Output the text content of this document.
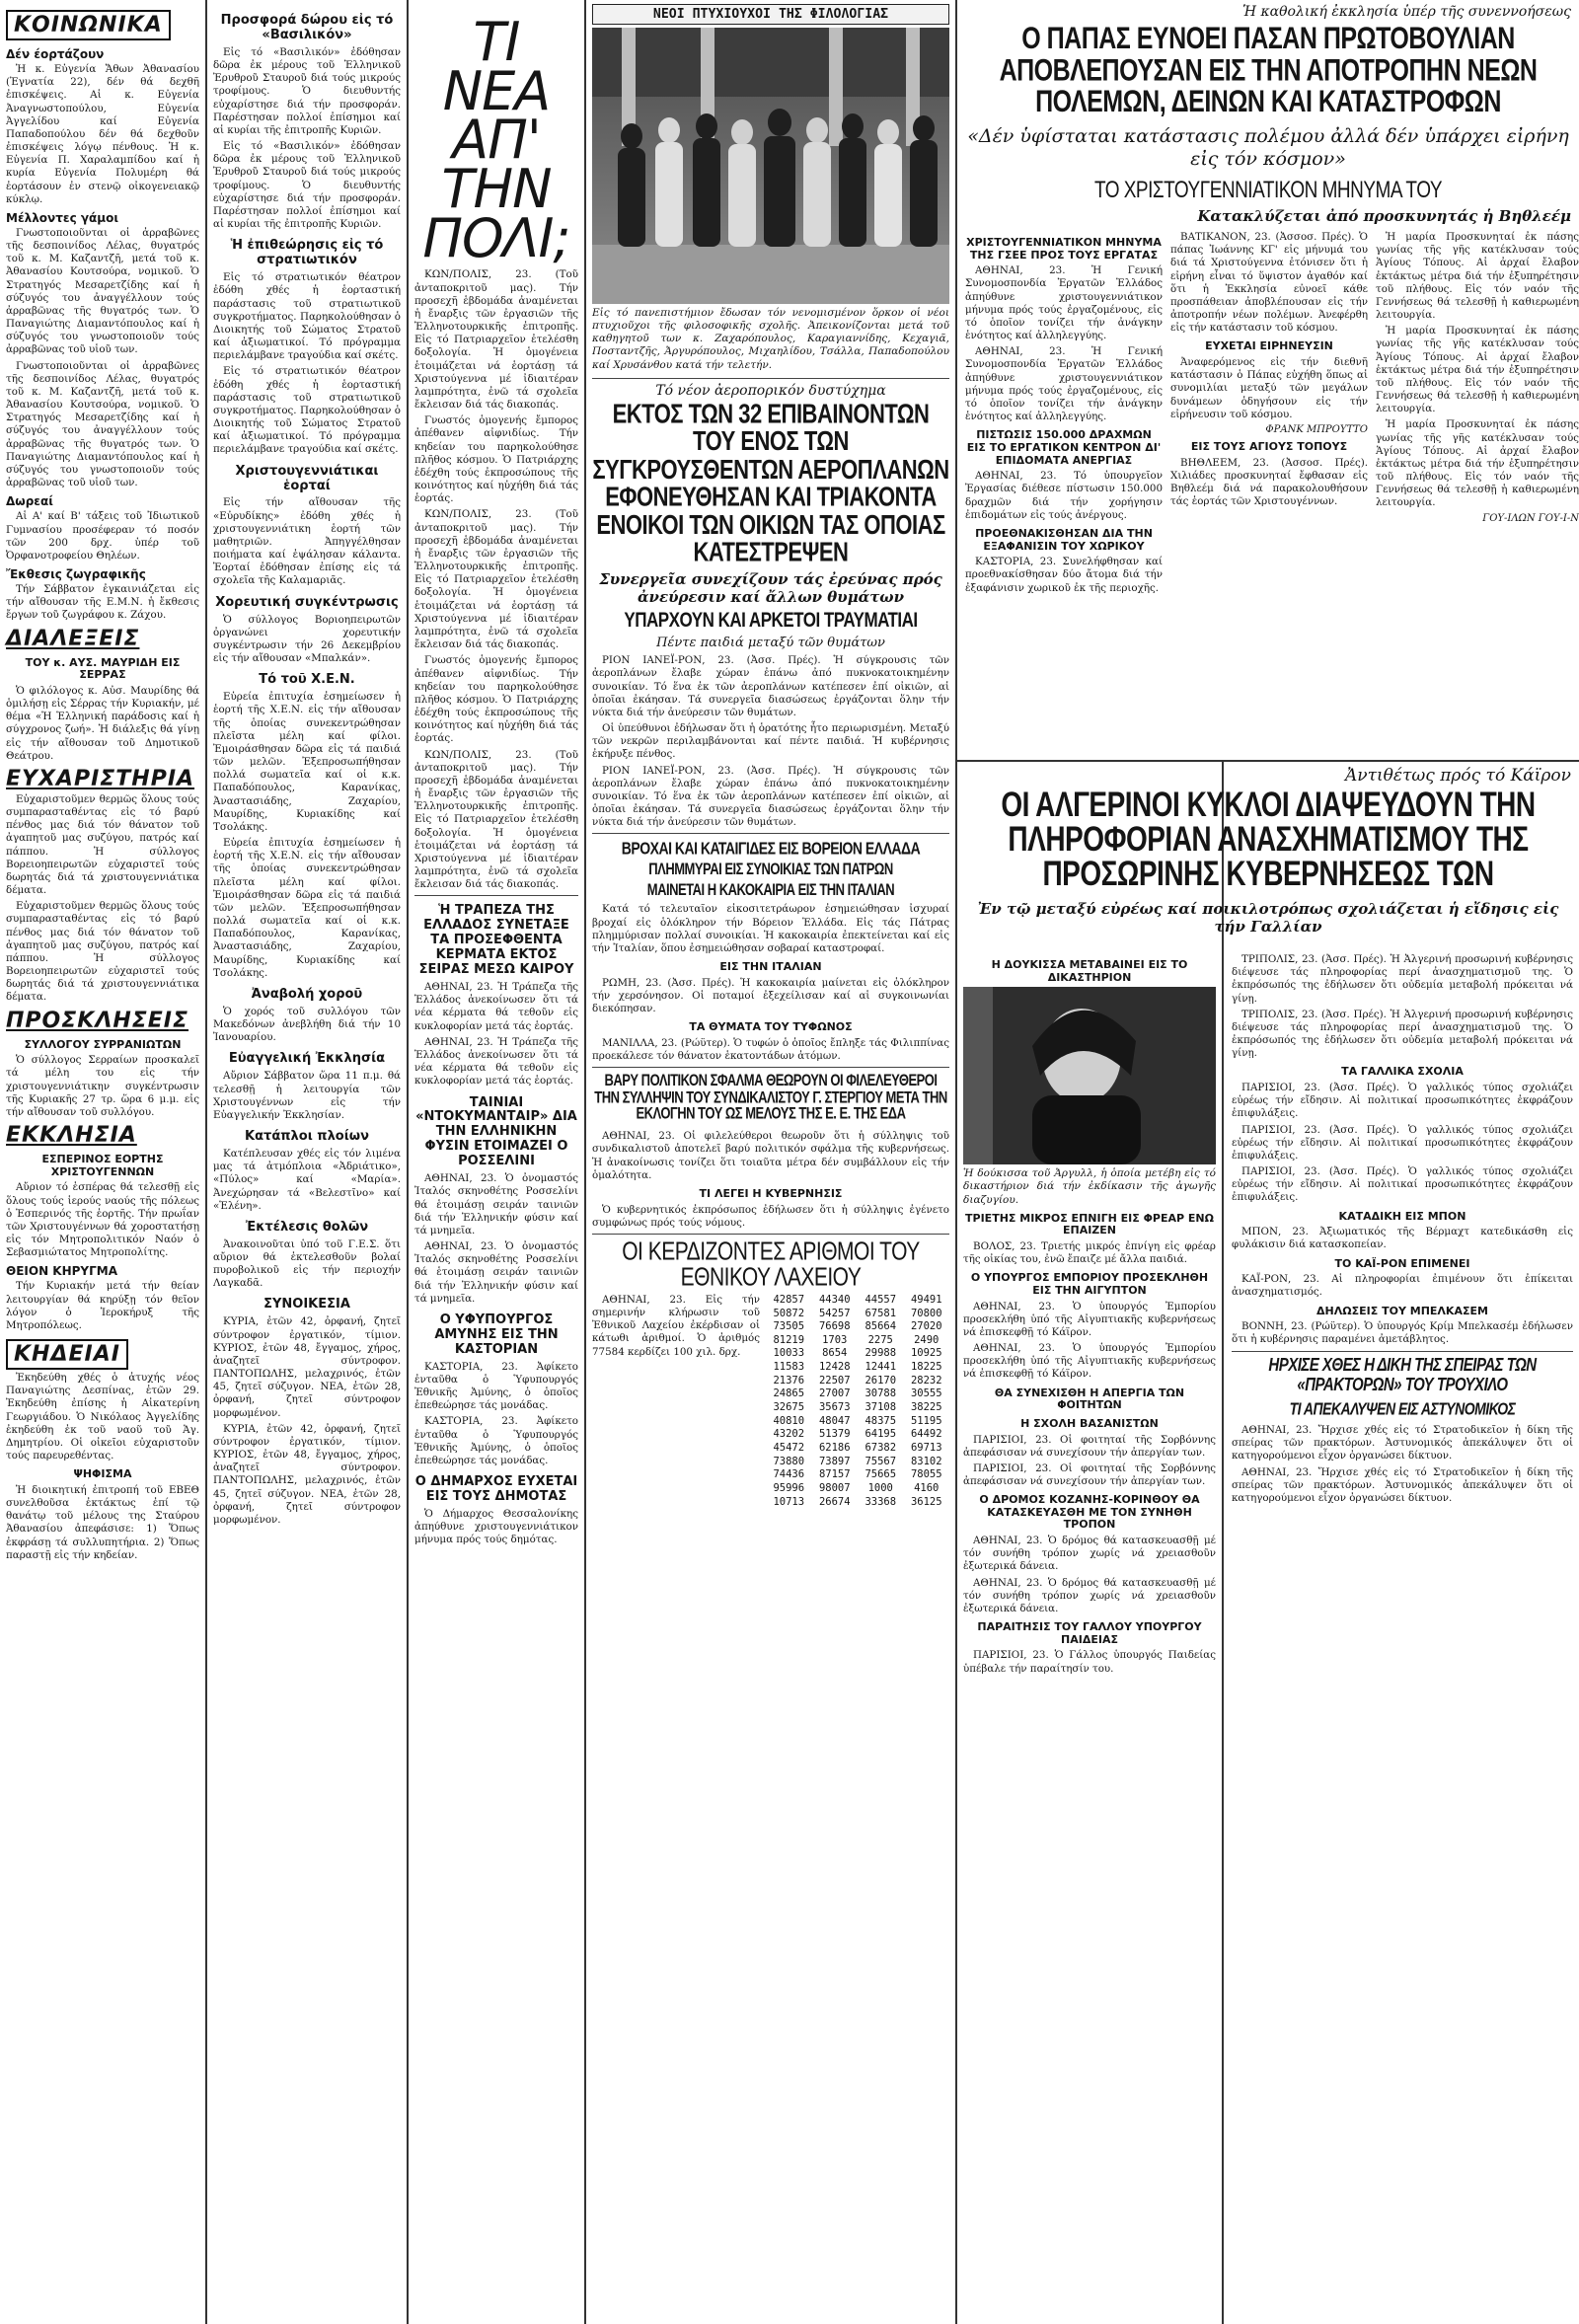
ΚΟΙΝΩΝΙΚΑ
Δέν έορτάζουν

Ἡ κ. Εὐγενία Ἄθων Ἀθανασίου (Ἐγνατία 22), δέν θά δεχθῆ ἐπισκέψεις. Αἱ κ. Εὐγενία Ἀναγνωστοπούλου, Εὐγενία Ἀγγελίδου καί Εὐγενία Παπαδοπούλου δέν θά δεχθοῦν ἐπισκέψεις λόγῳ πένθους. Ἡ κ. Εὐγενία Π. Χαραλαμπίδου καί ἡ κυρία Εὐγενία Πολυμέρη θά ἐορτάσουν ἐν στενῷ οἰκογενειακῷ κύκλῳ.

Μέλλοντες γάμοι

Γνωστοποιοῦνται οἱ ἀρραβῶνες τῆς δεσποινίδος Λέλας, θυγατρός τοῦ κ. Μ. Καζαντζῆ, μετά τοῦ κ. Ἀθανασίου Κουτσούρα, νομικοῦ. Ὁ Στρατηγός Μεσαρετζίδης καί ἡ σύζυγός του ἀναγγέλλουν τούς ἀρραβῶνας τῆς θυγατρός των. Ὁ Παναγιώτης Διαμαντόπουλος καί ἡ σύζυγός του γνωστοποιοῦν τούς ἀρραβῶνας τοῦ υἱοῦ των.

Γνωστοποιοῦνται οἱ ἀρραβῶνες τῆς δεσποινίδος Λέλας, θυγατρός τοῦ κ. Μ. Καζαντζῆ, μετά τοῦ κ. Ἀθανασίου Κουτσούρα, νομικοῦ. Ὁ Στρατηγός Μεσαρετζίδης καί ἡ σύζυγός του ἀναγγέλλουν τούς ἀρραβῶνας τῆς θυγατρός των. Ὁ Παναγιώτης Διαμαντόπουλος καί ἡ σύζυγός του γνωστοποιοῦν τούς ἀρραβῶνας τοῦ υἱοῦ των.

Δωρεαί

Αἱ Α' καί Β' τάξεις τοῦ Ἰδιωτικοῦ Γυμνασίου προσέφεραν τό ποσόν τῶν 200 δρχ. ὑπέρ τοῦ Ὀρφανοτροφείου Θηλέων.

Ἔκθεσις ζωγραφικῆς

Τήν Σάββατον ἐγκαινιάζεται εἰς τήν αἴθουσαν τῆς Ε.Μ.Ν. ἡ ἔκθεσις ἔργων τοῦ ζωγράφου κ. Ζάχου.

ΔΙΑΛΕΞΕΙΣ
ΤΟΥ κ. ΑΥΣ. ΜΑΥΡΙΔΗ ΕΙΣ ΣΕΡΡΑΣ

Ὁ φιλόλογος κ. Αὐσ. Μαυρίδης θά ὁμιλήσῃ εἰς Σέρρας τήν Κυριακήν, μέ θέμα «Ἡ Ἑλληνική παράδοσις καί ἡ σύγχρονος ζωή». Ἡ διάλεξις θά γίνῃ εἰς τήν αἴθουσαν τοῦ Δημοτικοῦ Θεάτρου.

ΕΥΧΑΡΙΣΤΗΡΙΑ

Εὐχαριστοῦμεν θερμῶς ὅλους τούς συμπαρασταθέντας εἰς τό βαρύ πένθος μας διά τόν θάνατον τοῦ ἀγαπητοῦ μας συζύγου, πατρός καί πάππου. Ἡ σύλλογος Βορειοηπειρωτῶν εὐχαριστεῖ τούς δωρητάς διά τά χριστουγεννιάτικα δέματα.

Εὐχαριστοῦμεν θερμῶς ὅλους τούς συμπαρασταθέντας εἰς τό βαρύ πένθος μας διά τόν θάνατον τοῦ ἀγαπητοῦ μας συζύγου, πατρός καί πάππου. Ἡ σύλλογος Βορειοηπειρωτῶν εὐχαριστεῖ τούς δωρητάς διά τά χριστουγεννιάτικα δέματα.

ΠΡΟΣΚΛΗΣΕΙΣ
ΣΥΛΛΟΓΟΥ ΣΥΡΡΑΝΙΩΤΩΝ

Ὁ σύλλογος Σερραίων προσκαλεῖ τά μέλη του εἰς τήν χριστουγεννιάτικην συγκέντρωσιν τῆς Κυριακῆς 27 τρ. ὥρα 6 μ.μ. εἰς τήν αἴθουσαν τοῦ συλλόγου.

ΕΚΚΛΗΣΙΑ
ΕΣΠΕΡΙΝΟΣ ΕΟΡΤΗΣ ΧΡΙΣΤΟΥΓΕΝΝΩΝ

Αὔριον τό ἑσπέρας θά τελεσθῇ εἰς ὅλους τούς ἱερούς ναούς τῆς πόλεως ὁ Ἑσπερινός τῆς ἑορτῆς. Τήν πρωΐαν τῶν Χριστουγέννων θά χοροστατήσῃ εἰς τόν Μητροπολιτικόν Ναόν ὁ Σεβασμιώτατος Μητροπολίτης.

ΘΕΙΟΝ ΚΗΡΥΓΜΑ

Τήν Κυριακήν μετά τήν θείαν λειτουργίαν θά κηρύξῃ τόν θεῖον λόγον ὁ Ἱεροκήρυξ τῆς Μητροπόλεως.

ΚΗΔΕΙΑΙ

Ἐκηδεύθη χθές ὁ ἀτυχής νέος Παναγιώτης Δεσπίνας, ἐτῶν 29. Ἐκηδεύθη ἐπίσης ἡ Αἰκατερίνη Γεωργιάδου. Ὁ Νικόλαος Ἀγγελίδης ἐκηδεύθη ἐκ τοῦ ναοῦ τοῦ Ἁγ. Δημητρίου. Οἱ οἰκεῖοι εὐχαριστοῦν τούς παρευρεθέντας.

ΨΗΦΙΣΜΑ

Ἡ διοικητική ἐπιτροπή τοῦ ΕΒΕΘ συνελθοῦσα ἐκτάκτως ἐπί τῷ θανάτῳ τοῦ μέλους της Σταύρου Ἀθανασίου ἀπεφάσισε: 1) Ὅπως ἐκφράσῃ τά συλλυπητήρια. 2) Ὅπως παραστῇ εἰς τήν κηδείαν.

Προσφορά δώρου εἰς τό «Βασιλικόν»

Εἰς τό «Βασιλικόν» ἐδόθησαν δῶρα ἐκ μέρους τοῦ Ἑλληνικοῦ Ἐρυθροῦ Σταυροῦ διά τούς μικρούς τροφίμους. Ὁ διευθυντής εὐχαρίστησε διά τήν προσφοράν. Παρέστησαν πολλοί ἐπίσημοι καί αἱ κυρίαι τῆς ἐπιτροπῆς Κυριῶν.

Εἰς τό «Βασιλικόν» ἐδόθησαν δῶρα ἐκ μέρους τοῦ Ἑλληνικοῦ Ἐρυθροῦ Σταυροῦ διά τούς μικρούς τροφίμους. Ὁ διευθυντής εὐχαρίστησε διά τήν προσφοράν. Παρέστησαν πολλοί ἐπίσημοι καί αἱ κυρίαι τῆς ἐπιτροπῆς Κυριῶν.

Ἡ ἐπιθεώρησις εἰς τό στρατιωτικόν

Εἰς τό στρατιωτικόν θέατρον ἐδόθη χθές ἡ ἑορταστική παράστασις τοῦ στρατιωτικοῦ συγκροτήματος. Παρηκολούθησαν ὁ Διοικητής τοῦ Σώματος Στρατοῦ καί ἀξιωματικοί. Τό πρόγραμμα περιελάμβανε τραγούδια καί σκέτς.

Εἰς τό στρατιωτικόν θέατρον ἐδόθη χθές ἡ ἑορταστική παράστασις τοῦ στρατιωτικοῦ συγκροτήματος. Παρηκολούθησαν ὁ Διοικητής τοῦ Σώματος Στρατοῦ καί ἀξιωματικοί. Τό πρόγραμμα περιελάμβανε τραγούδια καί σκέτς.

Χριστουγεννιάτικαι ἑορταί

Εἰς τήν αἴθουσαν τῆς «Εὐρυδίκης» ἐδόθη χθές ἡ χριστουγεννιάτικη ἑορτή τῶν μαθητριῶν. Ἀπηγγέλθησαν ποιήματα καί ἐψάλησαν κάλαντα. Ἑορταί ἐδόθησαν ἐπίσης εἰς τά σχολεῖα τῆς Καλαμαριᾶς.

Χορευτική συγκέντρωσις

Ὁ σύλλογος Βοριοηπειρωτῶν ὀργανώνει χορευτικήν συγκέντρωσιν τήν 26 Δεκεμβρίου εἰς τήν αἴθουσαν «Μπαλκάν».

Τό τοῦ Χ.Ε.Ν.

Εὐρεία ἐπιτυχία ἐσημείωσεν ἡ ἑορτή τῆς Χ.Ε.Ν. εἰς τήν αἴθουσαν τῆς ὁποίας συνεκεντρώθησαν πλεῖστα μέλη καί φίλοι. Ἐμοιράσθησαν δῶρα εἰς τά παιδιά τῶν μελῶν. Ἐξεπροσωπήθησαν πολλά σωματεῖα καί οἱ κ.κ. Παπαδόπουλος, Καρανίκας, Ἀναστασιάδης, Ζαχαρίου, Μαυρίδης, Κυριακίδης καί Τσολάκης.

Εὐρεία ἐπιτυχία ἐσημείωσεν ἡ ἑορτή τῆς Χ.Ε.Ν. εἰς τήν αἴθουσαν τῆς ὁποίας συνεκεντρώθησαν πλεῖστα μέλη καί φίλοι. Ἐμοιράσθησαν δῶρα εἰς τά παιδιά τῶν μελῶν. Ἐξεπροσωπήθησαν πολλά σωματεῖα καί οἱ κ.κ. Παπαδόπουλος, Καρανίκας, Ἀναστασιάδης, Ζαχαρίου, Μαυρίδης, Κυριακίδης καί Τσολάκης.

Ἀναβολή χοροῦ

Ὁ χορός τοῦ συλλόγου τῶν Μακεδόνων ἀνεβλήθη διά τήν 10 Ἰανουαρίου.

Εὐαγγελική Ἐκκλησία

Αὔριον Σάββατον ὥρα 11 π.μ. θά τελεσθῇ ἡ λειτουργία τῶν Χριστουγέννων εἰς τήν Εὐαγγελικήν Ἐκκλησίαν.

Κατάπλοι πλοίων

Κατέπλευσαν χθές εἰς τόν λιμένα μας τά ἀτμόπλοια «Ἀδριάτικο», «Πύλος» καί «Μαρία». Ἀνεχώρησαν τά «Βελεστῖνο» καί «Ἑλένη».

Ἐκτέλεσις θολῶν

Ἀνακοινοῦται ὑπό τοῦ Γ.Ε.Σ. ὅτι αὔριον θά ἐκτελεσθοῦν βολαί πυροβολικοῦ εἰς τήν περιοχήν Λαγκαδᾶ.

ΣΥΝΟΙΚΕΣΙΑ

ΚΥΡΙΑ, ἐτῶν 42, ὀρφανή, ζητεῖ σύντροφον ἐργατικόν, τίμιον. ΚΥΡΙΟΣ, ἐτῶν 48, ἔγγαμος, χήρος, ἀναζητεῖ σύντροφον. ΠΑΝΤΟΠΩΛΗΣ, μελαχρινός, ἐτῶν 45, ζητεῖ σύζυγον. ΝΕΑ, ἐτῶν 28, ὀρφανή, ζητεῖ σύντροφον μορφωμένον.

ΚΥΡΙΑ, ἐτῶν 42, ὀρφανή, ζητεῖ σύντροφον ἐργατικόν, τίμιον. ΚΥΡΙΟΣ, ἐτῶν 48, ἔγγαμος, χήρος, ἀναζητεῖ σύντροφον. ΠΑΝΤΟΠΩΛΗΣ, μελαχρινός, ἐτῶν 45, ζητεῖ σύζυγον. ΝΕΑ, ἐτῶν 28, ὀρφανή, ζητεῖ σύντροφον μορφωμένον.

ΤΙ ΝΕΑ ΑΠ' ΤΗΝ ΠΟΛΙ;

ΚΩΝ/ΠΟΛΙΣ, 23. (Τοῦ ἀνταποκριτοῦ μας). Τήν προσεχῆ ἑβδομάδα ἀναμένεται ἡ ἔναρξις τῶν ἐργασιῶν τῆς Ἑλληνοτουρκικῆς ἐπιτροπῆς. Εἰς τό Πατριαρχεῖον ἐτελέσθη δοξολογία. Ἡ ὁμογένεια ἑτοιμάζεται νά ἑορτάσῃ τά Χριστούγεννα μέ ἰδιαιτέραν λαμπρότητα, ἐνῶ τά σχολεῖα ἔκλεισαν διά τάς διακοπάς.

Γνωστός ὁμογενής ἔμπορος ἀπέθανεν αἰφνιδίως. Τήν κηδείαν του παρηκολούθησε πλῆθος κόσμου. Ὁ Πατριάρχης ἐδέχθη τούς ἐκπροσώπους τῆς κοινότητος καί ηὐχήθη διά τάς ἑορτάς.

ΚΩΝ/ΠΟΛΙΣ, 23. (Τοῦ ἀνταποκριτοῦ μας). Τήν προσεχῆ ἑβδομάδα ἀναμένεται ἡ ἔναρξις τῶν ἐργασιῶν τῆς Ἑλληνοτουρκικῆς ἐπιτροπῆς. Εἰς τό Πατριαρχεῖον ἐτελέσθη δοξολογία. Ἡ ὁμογένεια ἑτοιμάζεται νά ἑορτάσῃ τά Χριστούγεννα μέ ἰδιαιτέραν λαμπρότητα, ἐνῶ τά σχολεῖα ἔκλεισαν διά τάς διακοπάς.

Γνωστός ὁμογενής ἔμπορος ἀπέθανεν αἰφνιδίως. Τήν κηδείαν του παρηκολούθησε πλῆθος κόσμου. Ὁ Πατριάρχης ἐδέχθη τούς ἐκπροσώπους τῆς κοινότητος καί ηὐχήθη διά τάς ἑορτάς.

ΚΩΝ/ΠΟΛΙΣ, 23. (Τοῦ ἀνταποκριτοῦ μας). Τήν προσεχῆ ἑβδομάδα ἀναμένεται ἡ ἔναρξις τῶν ἐργασιῶν τῆς Ἑλληνοτουρκικῆς ἐπιτροπῆς. Εἰς τό Πατριαρχεῖον ἐτελέσθη δοξολογία. Ἡ ὁμογένεια ἑτοιμάζεται νά ἑορτάσῃ τά Χριστούγεννα μέ ἰδιαιτέραν λαμπρότητα, ἐνῶ τά σχολεῖα ἔκλεισαν διά τάς διακοπάς.

Ἡ ΤΡΑΠΕΖΑ ΤΗΣ ΕΛΛΑΔΟΣ ΣΥΝΕΤΑΞΕ ΤΑ ΠΡΟΣΕΦΘΕΝΤΑ ΚΕΡΜΑΤΑ ΕΚΤΟΣ ΣΕΙΡΑΣ ΜΕΣΩ ΚΑΙΡΟΥ

ΑΘΗΝΑΙ, 23. Ἡ Τράπεζα τῆς Ἑλλάδος ἀνεκοίνωσεν ὅτι τά νέα κέρματα θά τεθοῦν εἰς κυκλοφορίαν μετά τάς ἑορτάς.

ΑΘΗΝΑΙ, 23. Ἡ Τράπεζα τῆς Ἑλλάδος ἀνεκοίνωσεν ὅτι τά νέα κέρματα θά τεθοῦν εἰς κυκλοφορίαν μετά τάς ἑορτάς.

ΤΑΙΝΙΑΙ «ΝΤΟΚΥΜΑΝΤΑΙΡ» ΔΙΑ ΤΗΝ ΕΛΛΗΝΙΚΗΝ ΦΥΣΙΝ ΕΤΟΙΜΑΖΕΙ Ο ΡΟΣΣΕΛΙΝΙ

ΑΘΗΝΑΙ, 23. Ὁ ὀνομαστός Ἰταλός σκηνοθέτης Ροσσελίνι θά ἑτοιμάσῃ σειράν ταινιῶν διά τήν Ἑλληνικήν φύσιν καί τά μνημεῖα.

ΑΘΗΝΑΙ, 23. Ὁ ὀνομαστός Ἰταλός σκηνοθέτης Ροσσελίνι θά ἑτοιμάσῃ σειράν ταινιῶν διά τήν Ἑλληνικήν φύσιν καί τά μνημεῖα.

Ο ΥΦΥΠΟΥΡΓΟΣ ΑΜΥΝΗΣ ΕΙΣ ΤΗΝ ΚΑΣΤΟΡΙΑΝ

ΚΑΣΤΟΡΙΑ, 23. Ἀφίκετο ἐνταῦθα ὁ Ὑφυπουργός Ἐθνικῆς Ἀμύνης, ὁ ὁποῖος ἐπεθεώρησε τάς μονάδας.

ΚΑΣΤΟΡΙΑ, 23. Ἀφίκετο ἐνταῦθα ὁ Ὑφυπουργός Ἐθνικῆς Ἀμύνης, ὁ ὁποῖος ἐπεθεώρησε τάς μονάδας.

Ο ΔΗΜΑΡΧΟΣ ΕΥΧΕΤΑΙ ΕΙΣ ΤΟΥΣ ΔΗΜΟΤΑΣ

Ὁ Δήμαρχος Θεσσαλονίκης ἀπηύθυνε χριστουγεννιάτικον μήνυμα πρός τούς δημότας.

ΝΕΟΙ ΠΤΥΧΙΟΥΧΟΙ ΤΗΣ ΦΙΛΟΛΟΓΙΑΣ

Εἰς τό πανεπιστήμιον ἔδωσαν τόν νενομισμένον ὅρκον οἱ νέοι πτυχιοῦχοι τῆς φιλοσοφικῆς σχολῆς. Ἀπεικονίζονται μετά τοῦ καθηγητοῦ των κ. Ζαχαρόπουλος, Καραγιαννίδης, Κεχαγιᾶ, Ποσταντζῆς, Ἀργυρόπουλος, Μιχαηλίδου, Τσάλλα, Παπαδοπούλου καί Χρυσάνθου κατά τήν τελετήν.

Τό νέον ἀεροπορικόν δυστύχημα
ΕΚΤΟΣ ΤΩΝ 32 ΕΠΙΒΑΙΝΟΝΤΩΝ ΤΟΥ ΕΝΟΣ ΤΩΝ ΣΥΓΚΡΟΥΣΘΕΝΤΩΝ ΑΕΡΟΠΛΑΝΩΝ ΕΦΟΝΕΥΘΗΣΑΝ ΚΑΙ ΤΡΙΑΚΟΝΤΑ ΕΝΟΙΚΟΙ ΤΩΝ ΟΙΚΙΩΝ ΤΑΣ ΟΠΟΙΑΣ ΚΑΤΕΣΤΡΕΨΕΝ
Συνεργεῖα συνεχίζουν τάς ἐρεύνας πρός ἀνεύρεσιν καί ἄλλων θυμάτων
ΥΠΑΡΧΟΥΝ ΚΑΙ ΑΡΚΕΤΟΙ ΤΡΑΥΜΑΤΙΑΙ
Πέντε παιδιά μεταξύ τῶν θυμάτων

ΡΙΟΝ ΙΑΝΕΪ-ΡΟΝ, 23. (Ἀσσ. Πρές). Ἡ σύγκρουσις τῶν ἀεροπλάνων ἔλαβε χώραν ἐπάνω ἀπό πυκνοκατοικημένην συνοικίαν. Τό ἕνα ἐκ τῶν ἀεροπλάνων κατέπεσεν ἐπί οἰκιῶν, αἱ ὁποῖαι ἐκάησαν. Τά συνεργεῖα διασώσεως ἐργάζονται ὅλην τήν νύκτα διά τήν ἀνεύρεσιν τῶν θυμάτων.

Οἱ ὑπεύθυνοι ἐδήλωσαν ὅτι ἡ ὁρατότης ἦτο περιωρισμένη. Μεταξύ τῶν νεκρῶν περιλαμβάνονται καί πέντε παιδιά. Ἡ κυβέρνησις ἐκήρυξε πένθος.

ΡΙΟΝ ΙΑΝΕΪ-ΡΟΝ, 23. (Ἀσσ. Πρές). Ἡ σύγκρουσις τῶν ἀεροπλάνων ἔλαβε χώραν ἐπάνω ἀπό πυκνοκατοικημένην συνοικίαν. Τό ἕνα ἐκ τῶν ἀεροπλάνων κατέπεσεν ἐπί οἰκιῶν, αἱ ὁποῖαι ἐκάησαν. Τά συνεργεῖα διασώσεως ἐργάζονται ὅλην τήν νύκτα διά τήν ἀνεύρεσιν τῶν θυμάτων.

ΒΡΟΧΑΙ ΚΑΙ ΚΑΤΑΙΓΙΔΕΣ ΕΙΣ ΒΟΡΕΙΟΝ ΕΛΛΑΔΑ
ΠΛΗΜΜΥΡΑΙ ΕΙΣ ΣΥΝΟΙΚΙΑΣ ΤΩΝ ΠΑΤΡΩΝ
ΜΑΙΝΕΤΑΙ Η ΚΑΚΟΚΑΙΡΙΑ ΕΙΣ ΤΗΝ ΙΤΑΛΙΑΝ

Κατά τό τελευταῖον εἰκοσιτετράωρον ἐσημειώθησαν ἰσχυραί βροχαί εἰς ὁλόκληρον τήν Βόρειον Ἑλλάδα. Εἰς τάς Πάτρας πλημμύρισαν πολλαί συνοικίαι. Ἡ κακοκαιρία ἐπεκτείνεται καί εἰς τήν Ἰταλίαν, ὅπου ἐσημειώθησαν σοβαραί καταστροφαί.

ΕΙΣ ΤΗΝ ΙΤΑΛΙΑΝ

ΡΩΜΗ, 23. (Ἀσσ. Πρές). Ἡ κακοκαιρία μαίνεται εἰς ὁλόκληρον τήν χερσόνησον. Οἱ ποταμοί ἐξεχείλισαν καί αἱ συγκοινωνίαι διεκόπησαν.

ΤΑ ΘΥΜΑΤΑ ΤΟΥ ΤΥΦΩΝΟΣ

ΜΑΝΙΛΛΑ, 23. (Ρώϋτερ). Ὁ τυφών ὁ ὁποῖος ἔπληξε τάς Φιλιππίνας προεκάλεσε τόν θάνατον ἑκατοντάδων ἀτόμων.

ΒΑΡΥ ΠΟΛΙΤΙΚΟΝ ΣΦΑΛΜΑ ΘΕΩΡΟΥΝ ΟΙ ΦΙΛΕΛΕΥΘΕΡΟΙ ΤΗΝ ΣΥΛΛΗΨΙΝ ΤΟΥ ΣΥΝΔΙΚΑΛΙΣΤΟΥ Γ. ΣΤΕΡΓΙΟΥ ΜΕΤΑ ΤΗΝ ΕΚΛΟΓΗΝ ΤΟΥ ΩΣ ΜΕΛΟΥΣ ΤΗΣ Ε. Ε. ΤΗΣ ΕΔΑ

ΑΘΗΝΑΙ, 23. Οἱ φιλελεύθεροι θεωροῦν ὅτι ἡ σύλληψις τοῦ συνδικαλιστοῦ ἀποτελεῖ βαρύ πολιτικόν σφάλμα τῆς κυβερνήσεως. Ἡ ἀνακοίνωσις τονίζει ὅτι τοιαῦτα μέτρα δέν συμβάλλουν εἰς τήν ὁμαλότητα.

ΤΙ ΛΕΓΕΙ Η ΚΥΒΕΡΝΗΣΙΣ

Ὁ κυβερνητικός ἐκπρόσωπος ἐδήλωσεν ὅτι ἡ σύλληψις ἐγένετο συμφώνως πρός τούς νόμους.

ΟΙ ΚΕΡΔΙΖΟΝΤΕΣ ΑΡΙΘΜΟΙ ΤΟΥ ΕΘΝΙΚΟΥ ΛΑΧΕΙΟΥ

ΑΘΗΝΑΙ, 23. Εἰς τήν σημερινήν κλήρωσιν τοῦ Ἐθνικοῦ Λαχείου ἐκέρδισαν οἱ κάτωθι ἀριθμοί. Ὁ ἀριθμός 77584 κερδίζει 100 χιλ. δρχ.

42857	44340	44557	49491
50872	54257	67581	70800
73505	76698	85664	27020
81219	1703	2275	2490
10033	8654	29988	10925
11583	12428	12441	18225
21376	22507	26170	28232
24865	27007	30788	30555
32675	35673	37108	38225
40810	48047	48375	51195
43202	51379	64195	64492
45472	62186	67382	69713
73880	73897	75567	83102
74436	87157	75665	78055
95996	98007	1000	4160
10713	26674	33368	36125
Ἡ καθολική ἐκκλησία ὑπέρ τῆς συνεννοήσεως
Ο ΠΑΠΑΣ ΕΥΝΟΕΙ ΠΑΣΑΝ ΠΡΩΤΟΒΟΥΛΙΑΝ ΑΠΟΒΛΕΠΟΥΣΑΝ ΕΙΣ ΤΗΝ ΑΠΟΤΡΟΠΗΝ ΝΕΩΝ ΠΟΛΕΜΩΝ, ΔΕΙΝΩΝ ΚΑΙ ΚΑΤΑΣΤΡΟΦΩΝ
«Δέν ὑφίσταται κατάστασις πολέμου ἀλλά δέν ὑπάρχει εἰρήνη εἰς τόν κόσμον»
ΤΟ ΧΡΙΣΤΟΥΓΕΝΝΙΑΤΙΚΟΝ ΜΗΝΥΜΑ ΤΟΥ
Κατακλύζεται ἀπό προσκυνητάς ἡ Βηθλεέμ
ΧΡΙΣΤΟΥΓΕΝΝΙΑΤΙΚΟΝ ΜΗΝΥΜΑ ΤΗΣ ΓΣΕΕ ΠΡΟΣ ΤΟΥΣ ΕΡΓΑΤΑΣ

ΑΘΗΝΑΙ, 23. Ἡ Γενική Συνομοσπονδία Ἐργατῶν Ἑλλάδος ἀπηύθυνε χριστουγεννιάτικον μήνυμα πρός τούς ἐργαζομένους, εἰς τό ὁποῖον τονίζει τήν ἀνάγκην ἑνότητος καί ἀλληλεγγύης.

ΑΘΗΝΑΙ, 23. Ἡ Γενική Συνομοσπονδία Ἐργατῶν Ἑλλάδος ἀπηύθυνε χριστουγεννιάτικον μήνυμα πρός τούς ἐργαζομένους, εἰς τό ὁποῖον τονίζει τήν ἀνάγκην ἑνότητος καί ἀλληλεγγύης.

ΠΙΣΤΩΣΙΣ 150.000 ΔΡΑΧΜΩΝ ΕΙΣ ΤΟ ΕΡΓΑΤΙΚΟΝ ΚΕΝΤΡΟΝ ΔΙ' ΕΠΙΔΟΜΑΤΑ ΑΝΕΡΓΙΑΣ

ΑΘΗΝΑΙ, 23. Τό ὑπουργεῖον Ἐργασίας διέθεσε πίστωσιν 150.000 δραχμῶν διά τήν χορήγησιν ἐπιδομάτων εἰς τούς ἀνέργους.

ΠΡΟΕΘΝΑΚΙΣΘΗΣΑΝ ΔΙΑ ΤΗΝ ΕΞΑΦΑΝΙΣΙΝ ΤΟΥ ΧΩΡΙΚΟΥ

ΚΑΣΤΟΡΙΑ, 23. Συνελήφθησαν καί προεθνακίσθησαν δύο ἄτομα διά τήν ἐξαφάνισιν χωρικοῦ ἐκ τῆς περιοχῆς.

ΒΑΤΙΚΑΝΟΝ, 23. (Ἀσσοσ. Πρές). Ὁ πάπας Ἰωάννης ΚΓ' εἰς μήνυμά του διά τά Χριστούγεννα ἐτόνισεν ὅτι ἡ εἰρήνη εἶναι τό ὕψιστον ἀγαθόν καί ὅτι ἡ Ἐκκλησία εὐνοεῖ κάθε προσπάθειαν ἀποβλέπουσαν εἰς τήν ἀποτροπήν νέων πολέμων. Ἀνεφέρθη εἰς τήν κατάστασιν τοῦ κόσμου.

ΕΥΧΕΤΑΙ ΕΙΡΗΝΕΥΣΙΝ

Ἀναφερόμενος εἰς τήν διεθνῆ κατάστασιν ὁ Πάπας εὐχήθη ὅπως αἱ συνομιλίαι μεταξύ τῶν μεγάλων δυνάμεων ὁδηγήσουν εἰς τήν εἰρήνευσιν τοῦ κόσμου.

ΦΡΑΝΚ ΜΠΡΟΥΤΤΟ
ΕΙΣ ΤΟΥΣ ΑΓΙΟΥΣ ΤΟΠΟΥΣ

ΒΗΘΛΕΕΜ, 23. (Ἀσσοσ. Πρές). Χιλιάδες προσκυνηταί ἔφθασαν εἰς Βηθλεέμ διά νά παρακολουθήσουν τάς ἑορτάς τῶν Χριστουγέννων.

Ἡ μαρία Προσκυνηταί ἐκ πάσης γωνίας τῆς γῆς κατέκλυσαν τούς Ἁγίους Τόπους. Αἱ ἀρχαί ἔλαβον ἐκτάκτως μέτρα διά τήν ἐξυπηρέτησιν τοῦ πλήθους. Εἰς τόν ναόν τῆς Γεννήσεως θά τελεσθῇ ἡ καθιερωμένη λειτουργία.

Ἡ μαρία Προσκυνηταί ἐκ πάσης γωνίας τῆς γῆς κατέκλυσαν τούς Ἁγίους Τόπους. Αἱ ἀρχαί ἔλαβον ἐκτάκτως μέτρα διά τήν ἐξυπηρέτησιν τοῦ πλήθους. Εἰς τόν ναόν τῆς Γεννήσεως θά τελεσθῇ ἡ καθιερωμένη λειτουργία.

Ἡ μαρία Προσκυνηταί ἐκ πάσης γωνίας τῆς γῆς κατέκλυσαν τούς Ἁγίους Τόπους. Αἱ ἀρχαί ἔλαβον ἐκτάκτως μέτρα διά τήν ἐξυπηρέτησιν τοῦ πλήθους. Εἰς τόν ναόν τῆς Γεννήσεως θά τελεσθῇ ἡ καθιερωμένη λειτουργία.

ΓΟΥ-ΙΛΩΝ ΓΟΥ-Ι-Ν
Ἀντιθέτως πρός τό Κάϊρον
ΟΙ ΑΛΓΕΡΙΝΟΙ ΚΥΚΛΟΙ ΔΙΑΨΕΥΔΟΥΝ ΤΗΝ ΠΛΗΡΟΦΟΡΙΑΝ ΑΝΑΣΧΗΜΑΤΙΣΜΟΥ ΤΗΣ ΠΡΟΣΩΡΙΝΗΣ ΚΥΒΕΡΝΗΣΕΩΣ ΤΩΝ
Ἐν τῷ μεταξύ εὐρέως καί ποικιλοτρόπως σχολιάζεται ἡ εἴδησις εἰς τήν Γαλλίαν
Η ΔΟΥΚΙΣΣΑ ΜΕΤΑΒΑΙΝΕΙ ΕΙΣ ΤΟ ΔΙΚΑΣΤΗΡΙΟΝ

Ἡ δούκισσα τοῦ Ἀργυλλ, ἡ ὁποία μετέβη εἰς τό δικαστήριον διά τήν ἐκδίκασιν τῆς ἀγωγῆς διαζυγίου.

ΤΡΙΕΤΗΣ ΜΙΚΡΟΣ ΕΠΝΙΓΗ ΕΙΣ ΦΡΕΑΡ ΕΝΩ ΕΠΑΙΖΕΝ

ΒΟΛΟΣ, 23. Τριετής μικρός ἐπνίγη εἰς φρέαρ τῆς οἰκίας του, ἐνῶ ἔπαιζε μέ ἄλλα παιδιά.

Ο ΥΠΟΥΡΓΟΣ ΕΜΠΟΡΙΟΥ ΠΡΟΣΕΚΛΗΘΗ ΕΙΣ ΤΗΝ ΑΙΓΥΠΤΟΝ

ΑΘΗΝΑΙ, 23. Ὁ ὑπουργός Ἐμπορίου προσεκλήθη ὑπό τῆς Αἰγυπτιακῆς κυβερνήσεως νά ἐπισκεφθῇ τό Κάϊρον.

ΑΘΗΝΑΙ, 23. Ὁ ὑπουργός Ἐμπορίου προσεκλήθη ὑπό τῆς Αἰγυπτιακῆς κυβερνήσεως νά ἐπισκεφθῇ τό Κάϊρον.

ΘΑ ΣΥΝΕΧΙΣΘΗ Η ΑΠΕΡΓΙΑ ΤΩΝ ΦΟΙΤΗΤΩΝ
Η ΣΧΟΛΗ ΒΑΣΑΝΙΣΤΩΝ

ΠΑΡΙΣΙΟΙ, 23. Οἱ φοιτηταί τῆς Σορβόννης ἀπεφάσισαν νά συνεχίσουν τήν ἀπεργίαν των.

ΠΑΡΙΣΙΟΙ, 23. Οἱ φοιτηταί τῆς Σορβόννης ἀπεφάσισαν νά συνεχίσουν τήν ἀπεργίαν των.

Ο ΔΡΟΜΟΣ ΚΟΖΑΝΗΣ-ΚΟΡΙΝΘΟΥ ΘΑ ΚΑΤΑΣΚΕΥΑΣΘΗ ΜΕ ΤΟΝ ΣΥΝΗΘΗ ΤΡΟΠΟΝ

ΑΘΗΝΑΙ, 23. Ὁ δρόμος θά κατασκευασθῇ μέ τόν συνήθη τρόπον χωρίς νά χρειασθοῦν ἐξωτερικά δάνεια.

ΑΘΗΝΑΙ, 23. Ὁ δρόμος θά κατασκευασθῇ μέ τόν συνήθη τρόπον χωρίς νά χρειασθοῦν ἐξωτερικά δάνεια.

ΠΑΡΑΙΤΗΣΙΣ ΤΟΥ ΓΑΛΛΟΥ ΥΠΟΥΡΓΟΥ ΠΑΙΔΕΙΑΣ

ΠΑΡΙΣΙΟΙ, 23. Ὁ Γάλλος ὑπουργός Παιδείας ὑπέβαλε τήν παραίτησίν του.

ΤΡΙΠΟΛΙΣ, 23. (Ἀσσ. Πρές). Ἡ Ἀλγερινή προσωρινή κυβέρνησις διέψευσε τάς πληροφορίας περί ἀνασχηματισμοῦ της. Ὁ ἐκπρόσωπός της ἐδήλωσεν ὅτι οὐδεμία μεταβολή πρόκειται νά γίνῃ.

ΤΡΙΠΟΛΙΣ, 23. (Ἀσσ. Πρές). Ἡ Ἀλγερινή προσωρινή κυβέρνησις διέψευσε τάς πληροφορίας περί ἀνασχηματισμοῦ της. Ὁ ἐκπρόσωπός της ἐδήλωσεν ὅτι οὐδεμία μεταβολή πρόκειται νά γίνῃ.

ΤΑ ΓΑΛΛΙΚΑ ΣΧΟΛΙΑ

ΠΑΡΙΣΙΟΙ, 23. (Ἀσσ. Πρές). Ὁ γαλλικός τύπος σχολιάζει εὐρέως τήν εἴδησιν. Αἱ πολιτικαί προσωπικότητες ἐκφράζουν ἐπιφυλάξεις.

ΠΑΡΙΣΙΟΙ, 23. (Ἀσσ. Πρές). Ὁ γαλλικός τύπος σχολιάζει εὐρέως τήν εἴδησιν. Αἱ πολιτικαί προσωπικότητες ἐκφράζουν ἐπιφυλάξεις.

ΠΑΡΙΣΙΟΙ, 23. (Ἀσσ. Πρές). Ὁ γαλλικός τύπος σχολιάζει εὐρέως τήν εἴδησιν. Αἱ πολιτικαί προσωπικότητες ἐκφράζουν ἐπιφυλάξεις.

ΚΑΤΑΔΙΚΗ ΕΙΣ ΜΠΟΝ

ΜΠΟΝ, 23. Ἀξιωματικός τῆς Βέρμαχτ κατεδικάσθη εἰς φυλάκισιν διά κατασκοπείαν.

ΤΟ ΚΑΪ-ΡΟΝ ΕΠΙΜΕΝΕΙ

ΚΑΪ-ΡΟΝ, 23. Αἱ πληροφορίαι ἐπιμένουν ὅτι ἐπίκειται ἀνασχηματισμός.

ΔΗΛΩΣΕΙΣ ΤΟΥ ΜΠΕΛΚΑΣΕΜ

ΒΟΝΝΗ, 23. (Ρώϋτερ). Ὁ ὑπουργός Κρίμ Μπελκασέμ ἐδήλωσεν ὅτι ἡ κυβέρνησις παραμένει ἀμετάβλητος.

ΗΡΧΙΣΕ ΧΘΕΣ Η ΔΙΚΗ ΤΗΣ ΣΠΕΙΡΑΣ ΤΩΝ «ΠΡΑΚΤΟΡΩΝ» ΤΟΥ ΤΡΟΥΧΙΛΟ
ΤΙ ΑΠΕΚΑΛΥΨΕΝ ΕΙΣ ΑΣΤΥΝΟΜΙΚΟΣ

ΑΘΗΝΑΙ, 23. Ἤρχισε χθές εἰς τό Στρατοδικεῖον ἡ δίκη τῆς σπείρας τῶν πρακτόρων. Ἀστυνομικός ἀπεκάλυψεν ὅτι οἱ κατηγορούμενοι εἶχον ὀργανώσει δίκτυον.

ΑΘΗΝΑΙ, 23. Ἤρχισε χθές εἰς τό Στρατοδικεῖον ἡ δίκη τῆς σπείρας τῶν πρακτόρων. Ἀστυνομικός ἀπεκάλυψεν ὅτι οἱ κατηγορούμενοι εἶχον ὀργανώσει δίκτυον.
